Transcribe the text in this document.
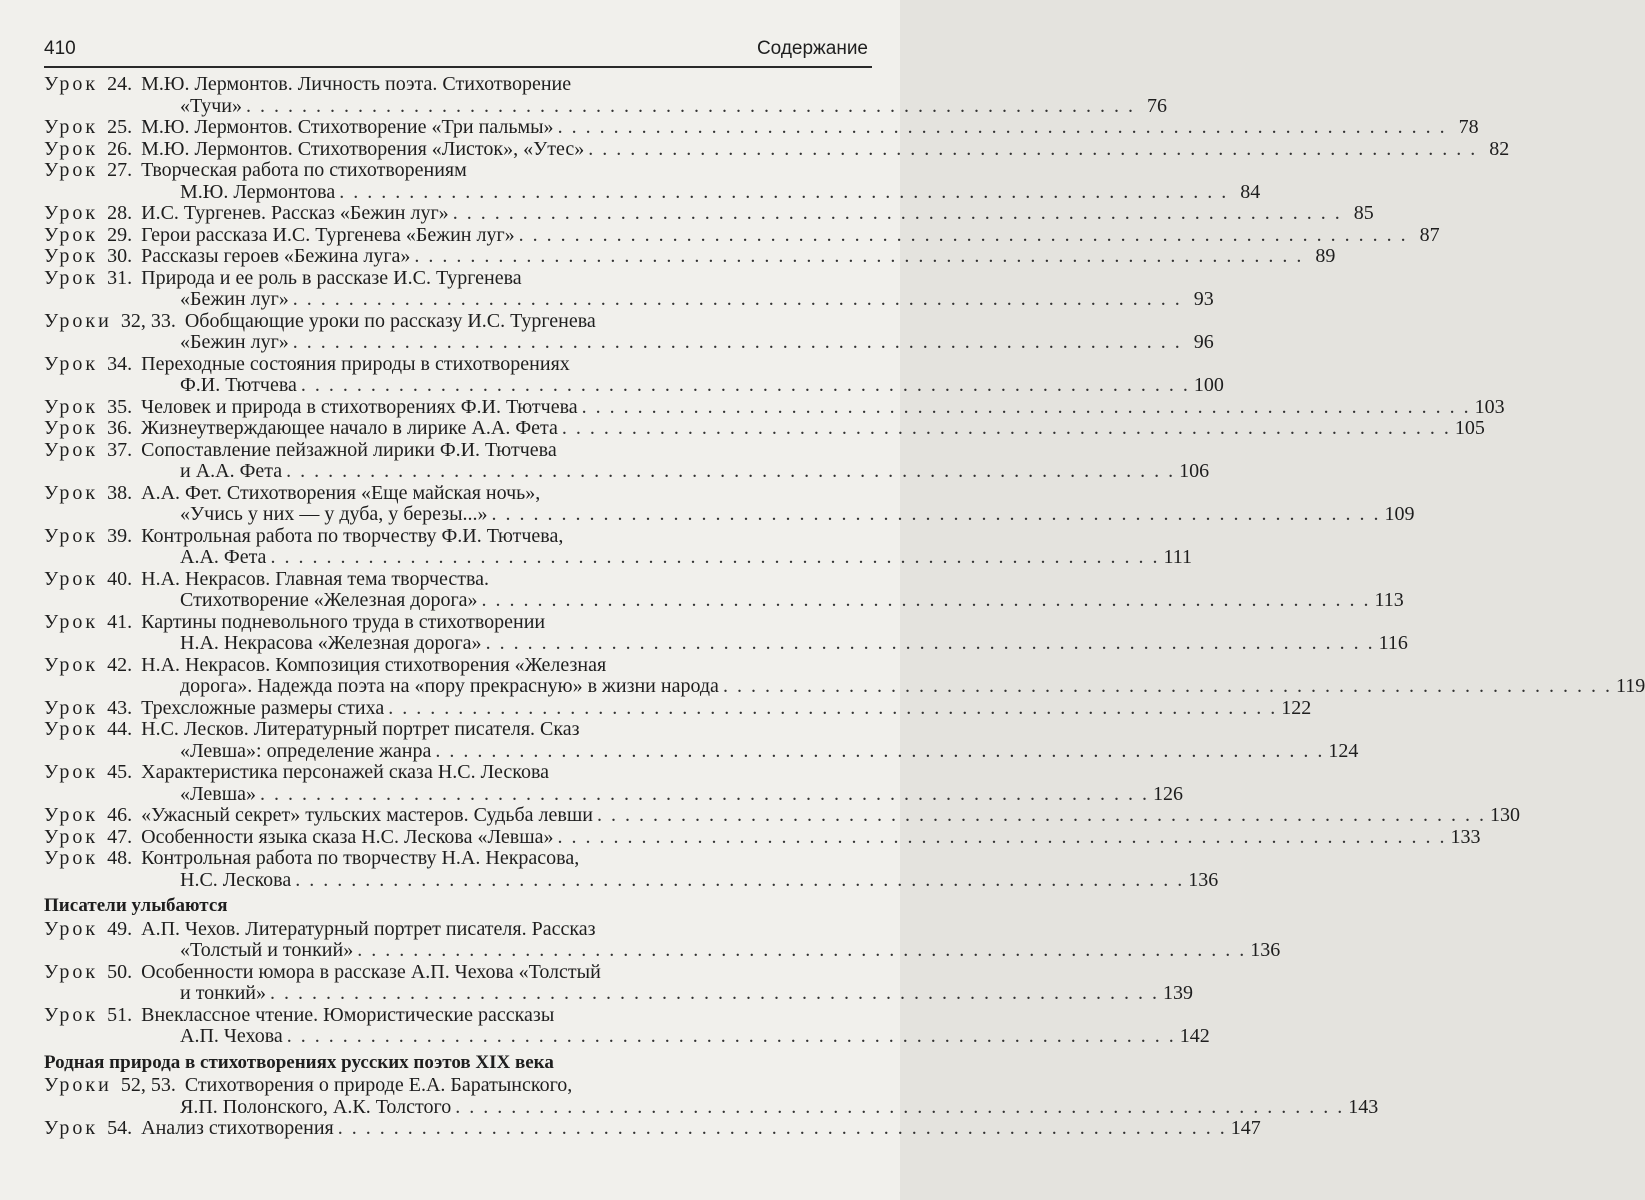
410	Содержание
Урок 24. М.Ю. Лермонтов. Личность поэта. Стихотворение
«Тучи» . . . . . . . . . . . . . . . . . . . . . . . . . . . . . . . . . . . . . . . . . . . . . . . . . . . . . . . . . . . . . . . . 76
Урок 25. М.Ю. Лермонтов. Стихотворение «Три пальмы» . . . . . . . . . . . . . . . . . . . . . . . . . . . . . . . . . . . . . . . . . . . . . . . . . . . . . . . . . . . . . . . . 78
Урок 26. М.Ю. Лермонтов. Стихотворения «Листок», «Утес» . . . . . . . . . . . . . . . . . . . . . . . . . . . . . . . . . . . . . . . . . . . . . . . . . . . . . . . . . . . . . . . . 82
Урок 27. Творческая работа по стихотворениям
М.Ю. Лермонтова . . . . . . . . . . . . . . . . . . . . . . . . . . . . . . . . . . . . . . . . . . . . . . . . . . . . . . . . . . . . . . . . 84
Урок 28. И.С. Тургенев. Рассказ «Бежин луг» . . . . . . . . . . . . . . . . . . . . . . . . . . . . . . . . . . . . . . . . . . . . . . . . . . . . . . . . . . . . . . . . 85
Урок 29. Герои рассказа И.С. Тургенева «Бежин луг» . . . . . . . . . . . . . . . . . . . . . . . . . . . . . . . . . . . . . . . . . . . . . . . . . . . . . . . . . . . . . . . . 87
Урок 30. Рассказы героев «Бежина луга» . . . . . . . . . . . . . . . . . . . . . . . . . . . . . . . . . . . . . . . . . . . . . . . . . . . . . . . . . . . . . . . . 89
Урок 31. Природа и ее роль в рассказе И.С. Тургенева
«Бежин луг» . . . . . . . . . . . . . . . . . . . . . . . . . . . . . . . . . . . . . . . . . . . . . . . . . . . . . . . . . . . . . . . . 93
Уроки 32, 33. Обобщающие уроки по рассказу И.С. Тургенева
«Бежин луг» . . . . . . . . . . . . . . . . . . . . . . . . . . . . . . . . . . . . . . . . . . . . . . . . . . . . . . . . . . . . . . . . 96
Урок 34. Переходные состояния природы в стихотворениях
Ф.И. Тютчева . . . . . . . . . . . . . . . . . . . . . . . . . . . . . . . . . . . . . . . . . . . . . . . . . . . . . . . . . . . . . . . . 100
Урок 35. Человек и природа в стихотворениях Ф.И. Тютчева . . . . . . . . . . . . . . . . . . . . . . . . . . . . . . . . . . . . . . . . . . . . . . . . . . . . . . . . . . . . . . . . 103
Урок 36. Жизнеутверждающее начало в лирике А.А. Фета . . . . . . . . . . . . . . . . . . . . . . . . . . . . . . . . . . . . . . . . . . . . . . . . . . . . . . . . . . . . . . . . 105
Урок 37. Сопоставление пейзажной лирики Ф.И. Тютчева
и А.А. Фета . . . . . . . . . . . . . . . . . . . . . . . . . . . . . . . . . . . . . . . . . . . . . . . . . . . . . . . . . . . . . . . . 106
Урок 38. А.А. Фет. Стихотворения «Еще майская ночь»,
«Учись у них — у дуба, у березы...» . . . . . . . . . . . . . . . . . . . . . . . . . . . . . . . . . . . . . . . . . . . . . . . . . . . . . . . . . . . . . . . . 109
Урок 39. Контрольная работа по творчеству Ф.И. Тютчева,
А.А. Фета . . . . . . . . . . . . . . . . . . . . . . . . . . . . . . . . . . . . . . . . . . . . . . . . . . . . . . . . . . . . . . . . 111
Урок 40. Н.А. Некрасов. Главная тема творчества.
Стихотворение «Железная дорога» . . . . . . . . . . . . . . . . . . . . . . . . . . . . . . . . . . . . . . . . . . . . . . . . . . . . . . . . . . . . . . . . 113
Урок 41. Картины подневольного труда в стихотворении
Н.А. Некрасова «Железная дорога» . . . . . . . . . . . . . . . . . . . . . . . . . . . . . . . . . . . . . . . . . . . . . . . . . . . . . . . . . . . . . . . . 116
Урок 42. Н.А. Некрасов. Композиция стихотворения «Железная
дорога». Надежда поэта на «пору прекрасную» в жизни народа . . . . . . . . . . . . . . . . . . . . . . . . . . . . . . . . . . . . . . . . . . . . . . . . . . . . . . . . . . . . . . . . 119
Урок 43. Трехсложные размеры стиха . . . . . . . . . . . . . . . . . . . . . . . . . . . . . . . . . . . . . . . . . . . . . . . . . . . . . . . . . . . . . . . . 122
Урок 44. Н.С. Лесков. Литературный портрет писателя. Сказ
«Левша»: определение жанра . . . . . . . . . . . . . . . . . . . . . . . . . . . . . . . . . . . . . . . . . . . . . . . . . . . . . . . . . . . . . . . . 124
Урок 45. Характеристика персонажей сказа Н.С. Лескова
«Левша» . . . . . . . . . . . . . . . . . . . . . . . . . . . . . . . . . . . . . . . . . . . . . . . . . . . . . . . . . . . . . . . . 126
Урок 46. «Ужасный секрет» тульских мастеров. Судьба левши . . . . . . . . . . . . . . . . . . . . . . . . . . . . . . . . . . . . . . . . . . . . . . . . . . . . . . . . . . . . . . . . 130
Урок 47. Особенности языка сказа Н.С. Лескова «Левша» . . . . . . . . . . . . . . . . . . . . . . . . . . . . . . . . . . . . . . . . . . . . . . . . . . . . . . . . . . . . . . . . 133
Урок 48. Контрольная работа по творчеству Н.А. Некрасова,
Н.С. Лескова . . . . . . . . . . . . . . . . . . . . . . . . . . . . . . . . . . . . . . . . . . . . . . . . . . . . . . . . . . . . . . . . 136
Писатели улыбаются
Урок 49. А.П. Чехов. Литературный портрет писателя. Рассказ
«Толстый и тонкий» . . . . . . . . . . . . . . . . . . . . . . . . . . . . . . . . . . . . . . . . . . . . . . . . . . . . . . . . . . . . . . . . 136
Урок 50. Особенности юмора в рассказе А.П. Чехова «Толстый
и тонкий» . . . . . . . . . . . . . . . . . . . . . . . . . . . . . . . . . . . . . . . . . . . . . . . . . . . . . . . . . . . . . . . . 139
Урок 51. Внеклассное чтение. Юмористические рассказы
А.П. Чехова . . . . . . . . . . . . . . . . . . . . . . . . . . . . . . . . . . . . . . . . . . . . . . . . . . . . . . . . . . . . . . . . 142
Родная природа в стихотворениях русских поэтов XIX века
Уроки 52, 53. Стихотворения о природе Е.А. Баратынского,
Я.П. Полонского, А.К. Толстого . . . . . . . . . . . . . . . . . . . . . . . . . . . . . . . . . . . . . . . . . . . . . . . . . . . . . . . . . . . . . . . . 143
Урок 54. Анализ стихотворения . . . . . . . . . . . . . . . . . . . . . . . . . . . . . . . . . . . . . . . . . . . . . . . . . . . . . . . . . . . . . . . . 147
